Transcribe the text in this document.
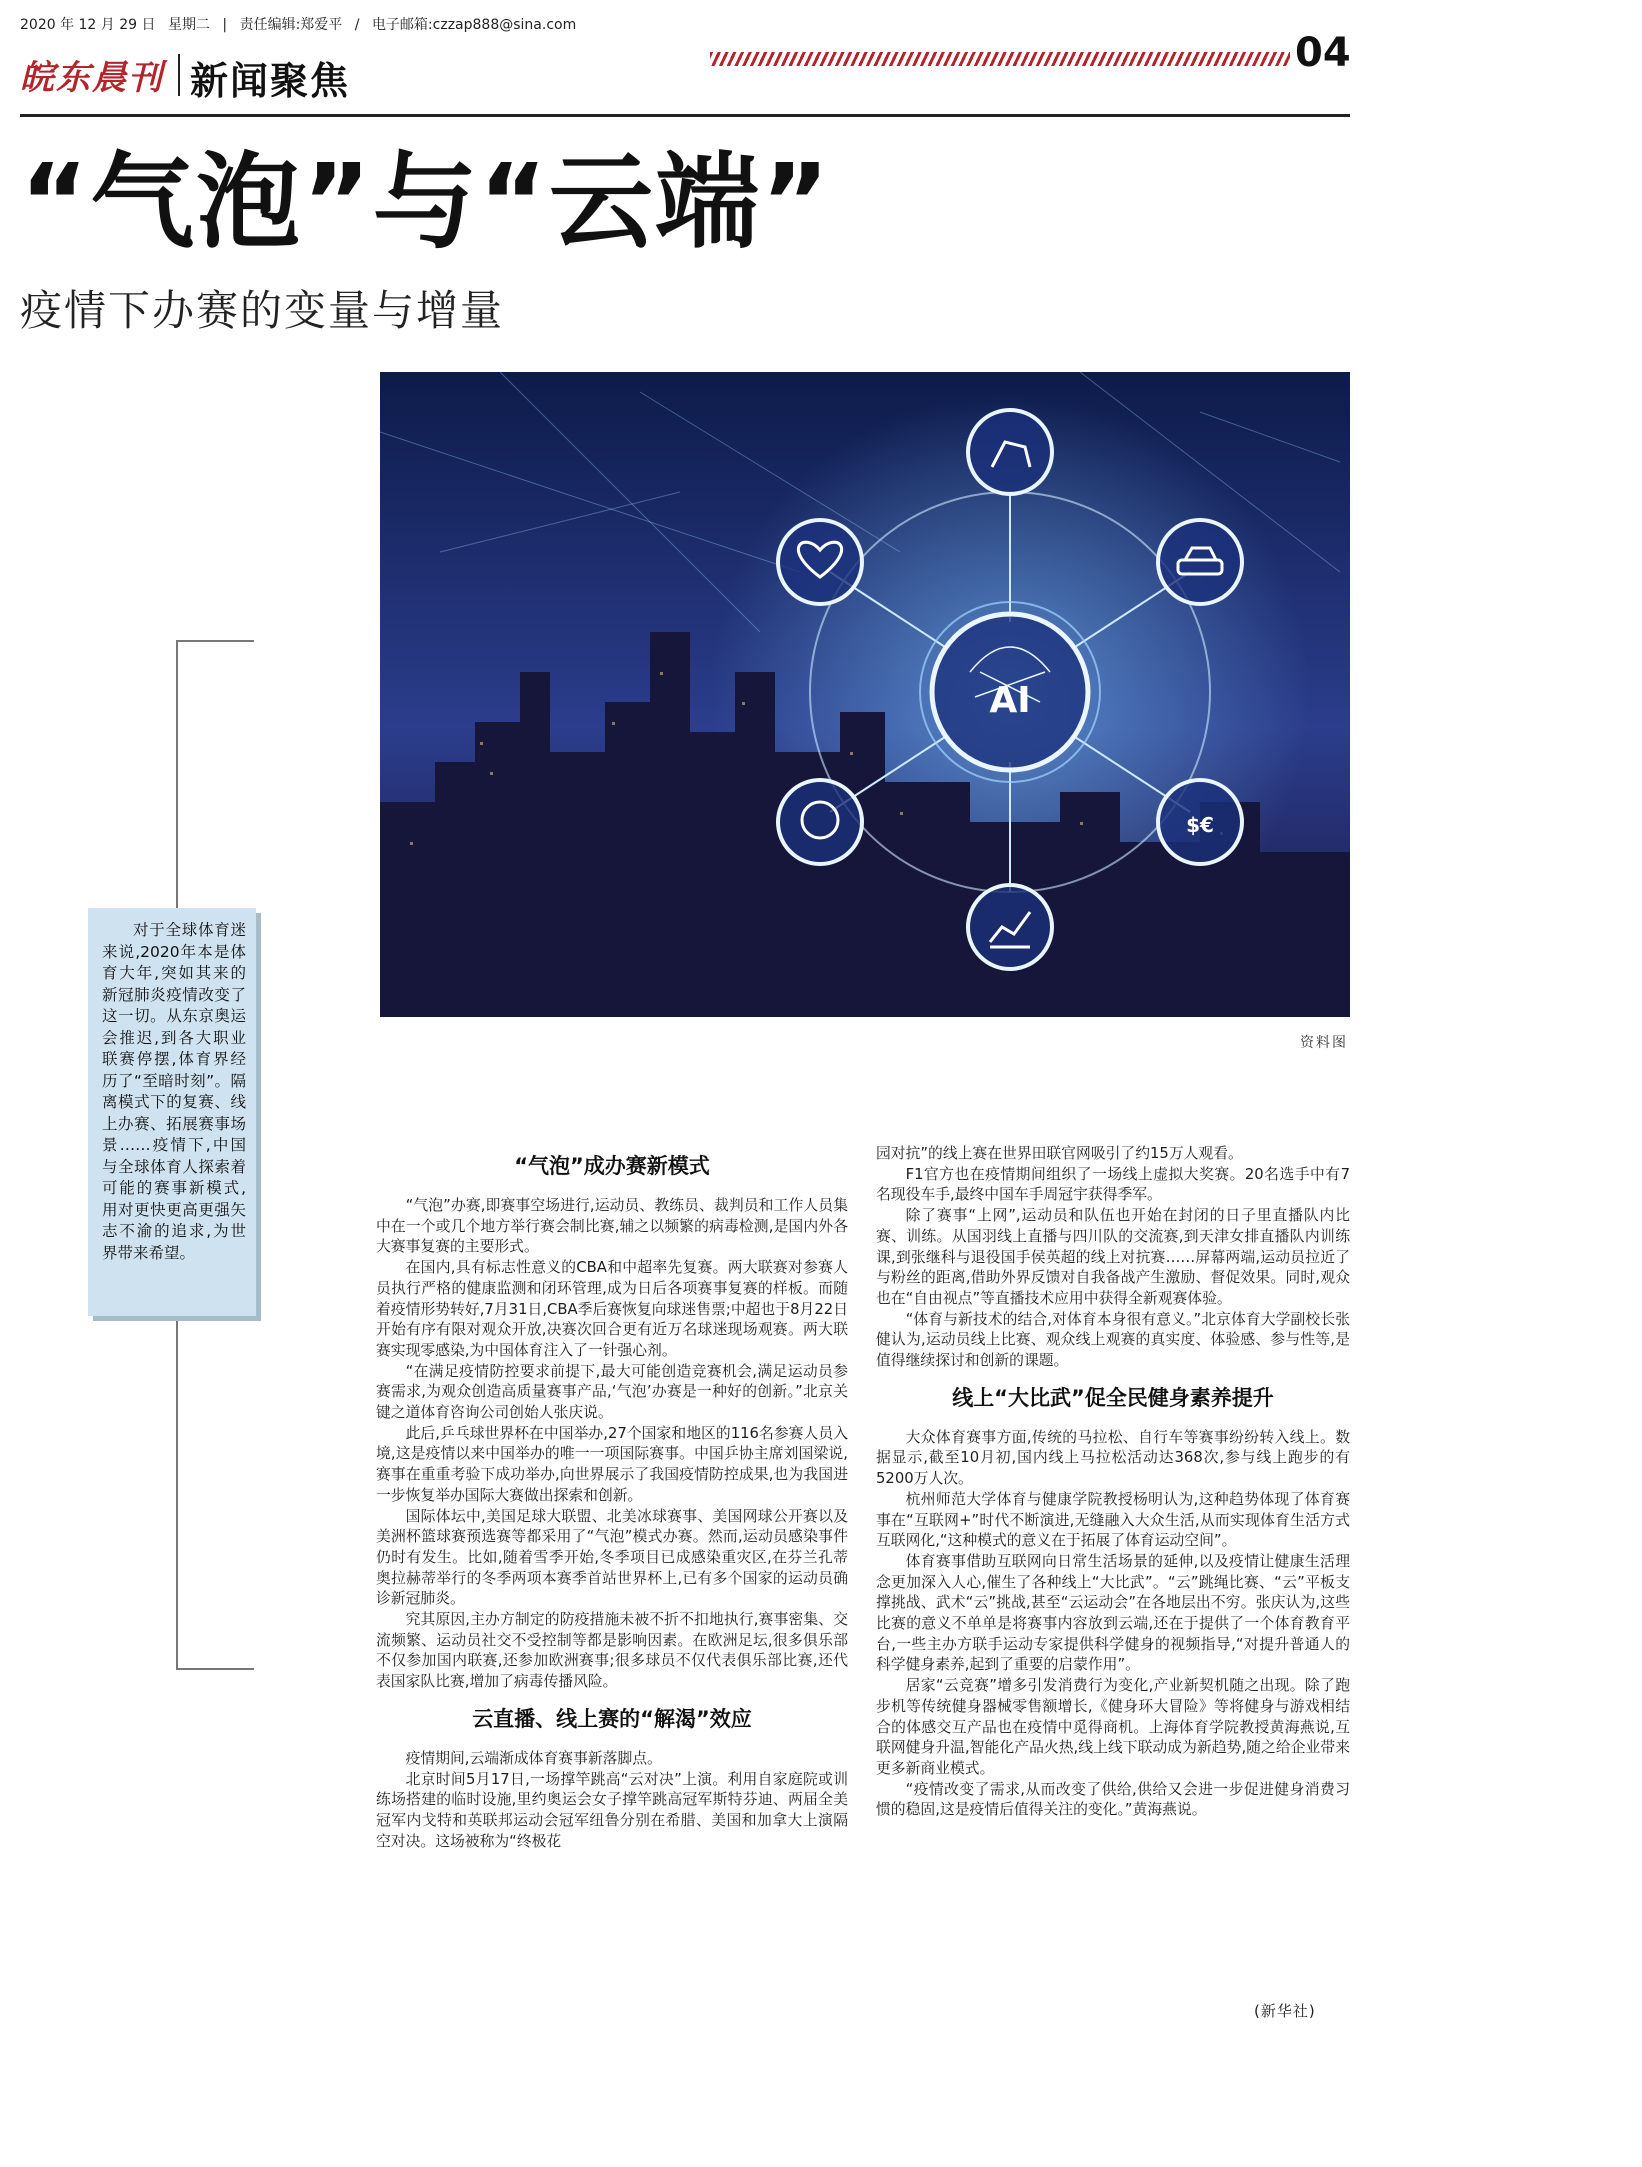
2020 年 12 月 29 日 星期二 | 责任编辑:郑爱平 / 电子邮箱:czzap888@sina.com
皖东晨刊 新闻聚焦
04
“气泡”与“云端”
疫情下办赛的变量与增量
AI
$€
资料图
对于全球体育迷来说,2020年本是体育大年,突如其来的新冠肺炎疫情改变了这一切。从东京奥运会推迟,到各大职业联赛停摆,体育界经历了“至暗时刻”。隔离模式下的复赛、线上办赛、拓展赛事场景……疫情下,中国与全球体育人探索着可能的赛事新模式,用对更快更高更强矢志不渝的追求,为世界带来希望。
“气泡”成办赛新模式

“气泡”办赛,即赛事空场进行,运动员、教练员、裁判员和工作人员集中在一个或几个地方举行赛会制比赛,辅之以频繁的病毒检测,是国内外各大赛事复赛的主要形式。

在国内,具有标志性意义的CBA和中超率先复赛。两大联赛对参赛人员执行严格的健康监测和闭环管理,成为日后各项赛事复赛的样板。而随着疫情形势转好,7月31日,CBA季后赛恢复向球迷售票;中超也于8月22日开始有序有限对观众开放,决赛次回合更有近万名球迷现场观赛。两大联赛实现零感染,为中国体育注入了一针强心剂。

“在满足疫情防控要求前提下,最大可能创造竞赛机会,满足运动员参赛需求,为观众创造高质量赛事产品,‘气泡’办赛是一种好的创新。”北京关键之道体育咨询公司创始人张庆说。

此后,乒乓球世界杯在中国举办,27个国家和地区的116名参赛人员入境,这是疫情以来中国举办的唯一一项国际赛事。中国乒协主席刘国梁说,赛事在重重考验下成功举办,向世界展示了我国疫情防控成果,也为我国进一步恢复举办国际大赛做出探索和创新。

国际体坛中,美国足球大联盟、北美冰球赛事、美国网球公开赛以及美洲杯篮球赛预选赛等都采用了“气泡”模式办赛。然而,运动员感染事件仍时有发生。比如,随着雪季开始,冬季项目已成感染重灾区,在芬兰孔蒂奥拉赫蒂举行的冬季两项本赛季首站世界杯上,已有多个国家的运动员确诊新冠肺炎。

究其原因,主办方制定的防疫措施未被不折不扣地执行,赛事密集、交流频繁、运动员社交不受控制等都是影响因素。在欧洲足坛,很多俱乐部不仅参加国内联赛,还参加欧洲赛事;很多球员不仅代表俱乐部比赛,还代表国家队比赛,增加了病毒传播风险。

云直播、线上赛的“解渴”效应

疫情期间,云端渐成体育赛事新落脚点。

北京时间5月17日,一场撑竿跳高“云对决”上演。利用自家庭院或训练场搭建的临时设施,里约奥运会女子撑竿跳高冠军斯特芬迪、两届全美冠军内戈特和英联邦运动会冠军纽鲁分别在希腊、美国和加拿大上演隔空对决。这场被称为“终极花

园对抗”的线上赛在世界田联官网吸引了约15万人观看。

F1官方也在疫情期间组织了一场线上虚拟大奖赛。20名选手中有7名现役车手,最终中国车手周冠宇获得季军。

除了赛事“上网”,运动员和队伍也开始在封闭的日子里直播队内比赛、训练。从国羽线上直播与四川队的交流赛,到天津女排直播队内训练课,到张继科与退役国手侯英超的线上对抗赛……屏幕两端,运动员拉近了与粉丝的距离,借助外界反馈对自我备战产生激励、督促效果。同时,观众也在“自由视点”等直播技术应用中获得全新观赛体验。

“体育与新技术的结合,对体育本身很有意义。”北京体育大学副校长张健认为,运动员线上比赛、观众线上观赛的真实度、体验感、参与性等,是值得继续探讨和创新的课题。

线上“大比武”促全民健身素养提升

大众体育赛事方面,传统的马拉松、自行车等赛事纷纷转入线上。数据显示,截至10月初,国内线上马拉松活动达368次,参与线上跑步的有5200万人次。

杭州师范大学体育与健康学院教授杨明认为,这种趋势体现了体育赛事在“互联网+”时代不断演进,无缝融入大众生活,从而实现体育生活方式互联网化,“这种模式的意义在于拓展了体育运动空间”。

体育赛事借助互联网向日常生活场景的延伸,以及疫情让健康生活理念更加深入人心,催生了各种线上“大比武”。“云”跳绳比赛、“云”平板支撑挑战、武术“云”挑战,甚至“云运动会”在各地层出不穷。张庆认为,这些比赛的意义不单单是将赛事内容放到云端,还在于提供了一个体育教育平台,一些主办方联手运动专家提供科学健身的视频指导,“对提升普通人的科学健身素养,起到了重要的启蒙作用”。

居家“云竞赛”增多引发消费行为变化,产业新契机随之出现。除了跑步机等传统健身器械零售额增长,《健身环大冒险》等将健身与游戏相结合的体感交互产品也在疫情中觅得商机。上海体育学院教授黄海燕说,互联网健身升温,智能化产品火热,线上线下联动成为新趋势,随之给企业带来更多新商业模式。

“疫情改变了需求,从而改变了供给,供给又会进一步促进健身消费习惯的稳固,这是疫情后值得关注的变化。”黄海燕说。

(新华社)
